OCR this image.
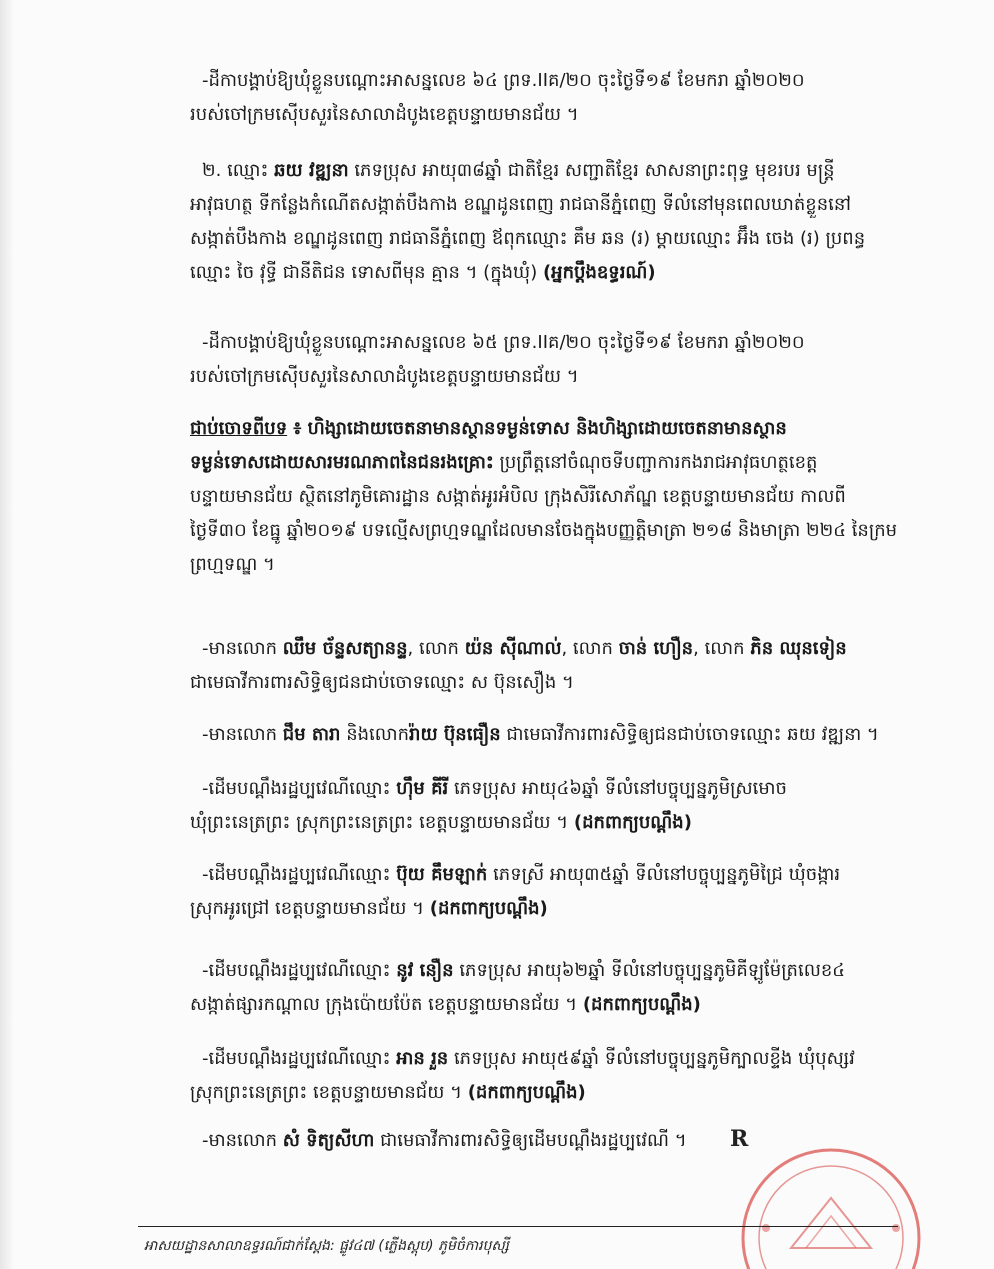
-ដីកាបង្គាប់ឱ្យឃុំខ្លួនបណ្តោះអាសន្នលេខ ៦៤ ព្រទ.IIគ/២០ ចុះថ្ងៃទី១៩ ខែមករា ឆ្នាំ២០២០
របស់ចៅក្រមស៊ើបសួរនៃសាលាដំបូងខេត្តបន្ទាយមានជ័យ ។
២. ឈ្មោះ ឆយ វឌ្ឍនា ភេទប្រុស អាយុ៣៨ឆ្នាំ ជាតិខ្មែរ សញ្ជាតិខ្មែរ សាសនាព្រះពុទ្ធ មុខរបរ មន្ត្រី
អាវុធហត្ថ ទីកន្លែងកំណើតសង្កាត់បឹងកាង ខណ្ឌដូនពេញ រាជធានីភ្នំពេញ ទីលំនៅមុនពេលឃាត់ខ្លួននៅ
សង្កាត់បឹងកាង ខណ្ឌដូនពេញ រាជធានីភ្នំពេញ ឪពុកឈ្មោះ គឹម ឆន (រ) ម្ដាយឈ្មោះ អ៊ឹង ចេង (រ) ប្រពន្ធ
ឈ្មោះ ចៃ វុទ្ធី ជានីតិជន ទោសពីមុន គ្មាន ។ (ក្នុងឃុំ) (អ្នកប្តឹងឧទ្ធរណ៍)
-ដីកាបង្គាប់ឱ្យឃុំខ្លួនបណ្តោះអាសន្នលេខ ៦៥ ព្រទ.IIគ/២០ ចុះថ្ងៃទី១៩ ខែមករា ឆ្នាំ២០២០
របស់ចៅក្រមស៊ើបសួរនៃសាលាដំបូងខេត្តបន្ទាយមានជ័យ ។
ជាប់ចោទពីបទ ៖ ហិង្សាដោយចេតនាមានស្ថានទម្ងន់ទោស និងហិង្សាដោយចេតនាមានស្ថាន
ទម្ងន់ទោសដោយសារមរណភាពនៃជនរងគ្រោះ ប្រព្រឹត្តនៅចំណុចទីបញ្ជាការកងរាជអាវុធហត្ថខេត្ត
បន្ទាយមានជ័យ ស្ថិតនៅភូមិគោរដ្ឋាន សង្កាត់អូរអំបិល ក្រុងសិរីសោភ័ណ្ឌ ខេត្តបន្ទាយមានជ័យ កាលពី
ថ្ងៃទី៣០ ខែធ្នូ ឆ្នាំ២០១៩ បទល្មើសព្រហ្មទណ្ឌដែលមានចែងក្នុងបញ្ញត្តិមាត្រា ២១៨ និងមាត្រា ២២៤ នៃក្រម
ព្រហ្មទណ្ឌ ។
-មានលោក ឈឹម ច័ន្ទសត្យានន្ទ, លោក យ៉ន ស៊ីណាល់, លោក ចាន់ ហឿន, លោក ភិន ឈុនទៀន
ជាមេធាវីការពារសិទ្ធិឲ្យជនជាប់ចោទឈ្មោះ ស ប៊ុនសឿង ។
-មានលោក ជឹម តារា និងលោករ៉ាយ ប៊ុនធឿន ជាមេធាវីការពារសិទ្ធិឲ្យជនជាប់ចោទឈ្មោះ ឆយ វឌ្ឍនា ។
-ដើមបណ្តឹងរដ្ឋប្បវេណីឈ្មោះ ហ៊ឹម គីរី ភេទប្រុស អាយុ៤៦ឆ្នាំ ទីលំនៅបច្ចុប្បន្នភូមិស្រមោច
ឃុំព្រះនេត្រព្រះ ស្រុកព្រះនេត្រព្រះ ខេត្តបន្ទាយមានជ័យ ។ (ដកពាក្យបណ្តឹង)
-ដើមបណ្តឹងរដ្ឋប្បវេណីឈ្មោះ ប៊ុយ គឹមឡាក់ ភេទស្រី អាយុ៣៥ឆ្នាំ ទីលំនៅបច្ចុប្បន្នភូមិជ្រៃ ឃុំចង្ការ
ស្រុកអូរជ្រៅ ខេត្តបន្ទាយមានជ័យ ។ (ដកពាក្យបណ្តឹង)
-ដើមបណ្តឹងរដ្ឋប្បវេណីឈ្មោះ នូវ នឿន ភេទប្រុស អាយុ៦២ឆ្នាំ ទីលំនៅបច្ចុប្បន្នភូមិគីឡូម៉ែត្រលេខ៤
សង្កាត់ផ្សារកណ្តាល ក្រុងប៉ោយប៉ែត ខេត្តបន្ទាយមានជ័យ ។ (ដកពាក្យបណ្តឹង)
-ដើមបណ្តឹងរដ្ឋប្បវេណីឈ្មោះ អាន រួន ភេទប្រុស អាយុ៥៩ឆ្នាំ ទីលំនៅបច្ចុប្បន្នភូមិក្បាលខ្ទីង ឃុំបុស្សវ
ស្រុកព្រះនេត្រព្រះ ខេត្តបន្ទាយមានជ័យ ។ (ដកពាក្យបណ្តឹង)
-មានលោក សំ ទិត្យសីហា ជាមេធាវីការពារសិទ្ធិឲ្យដើមបណ្តឹងរដ្ឋប្បវេណី ។	R
អាសយដ្ឋានសាលាឧទ្ធរណ៍ជាក់ស្តែង: ផ្លូវ៤៧ (ភ្លើងស្តុប) ភូមិចំការបុស្សី
